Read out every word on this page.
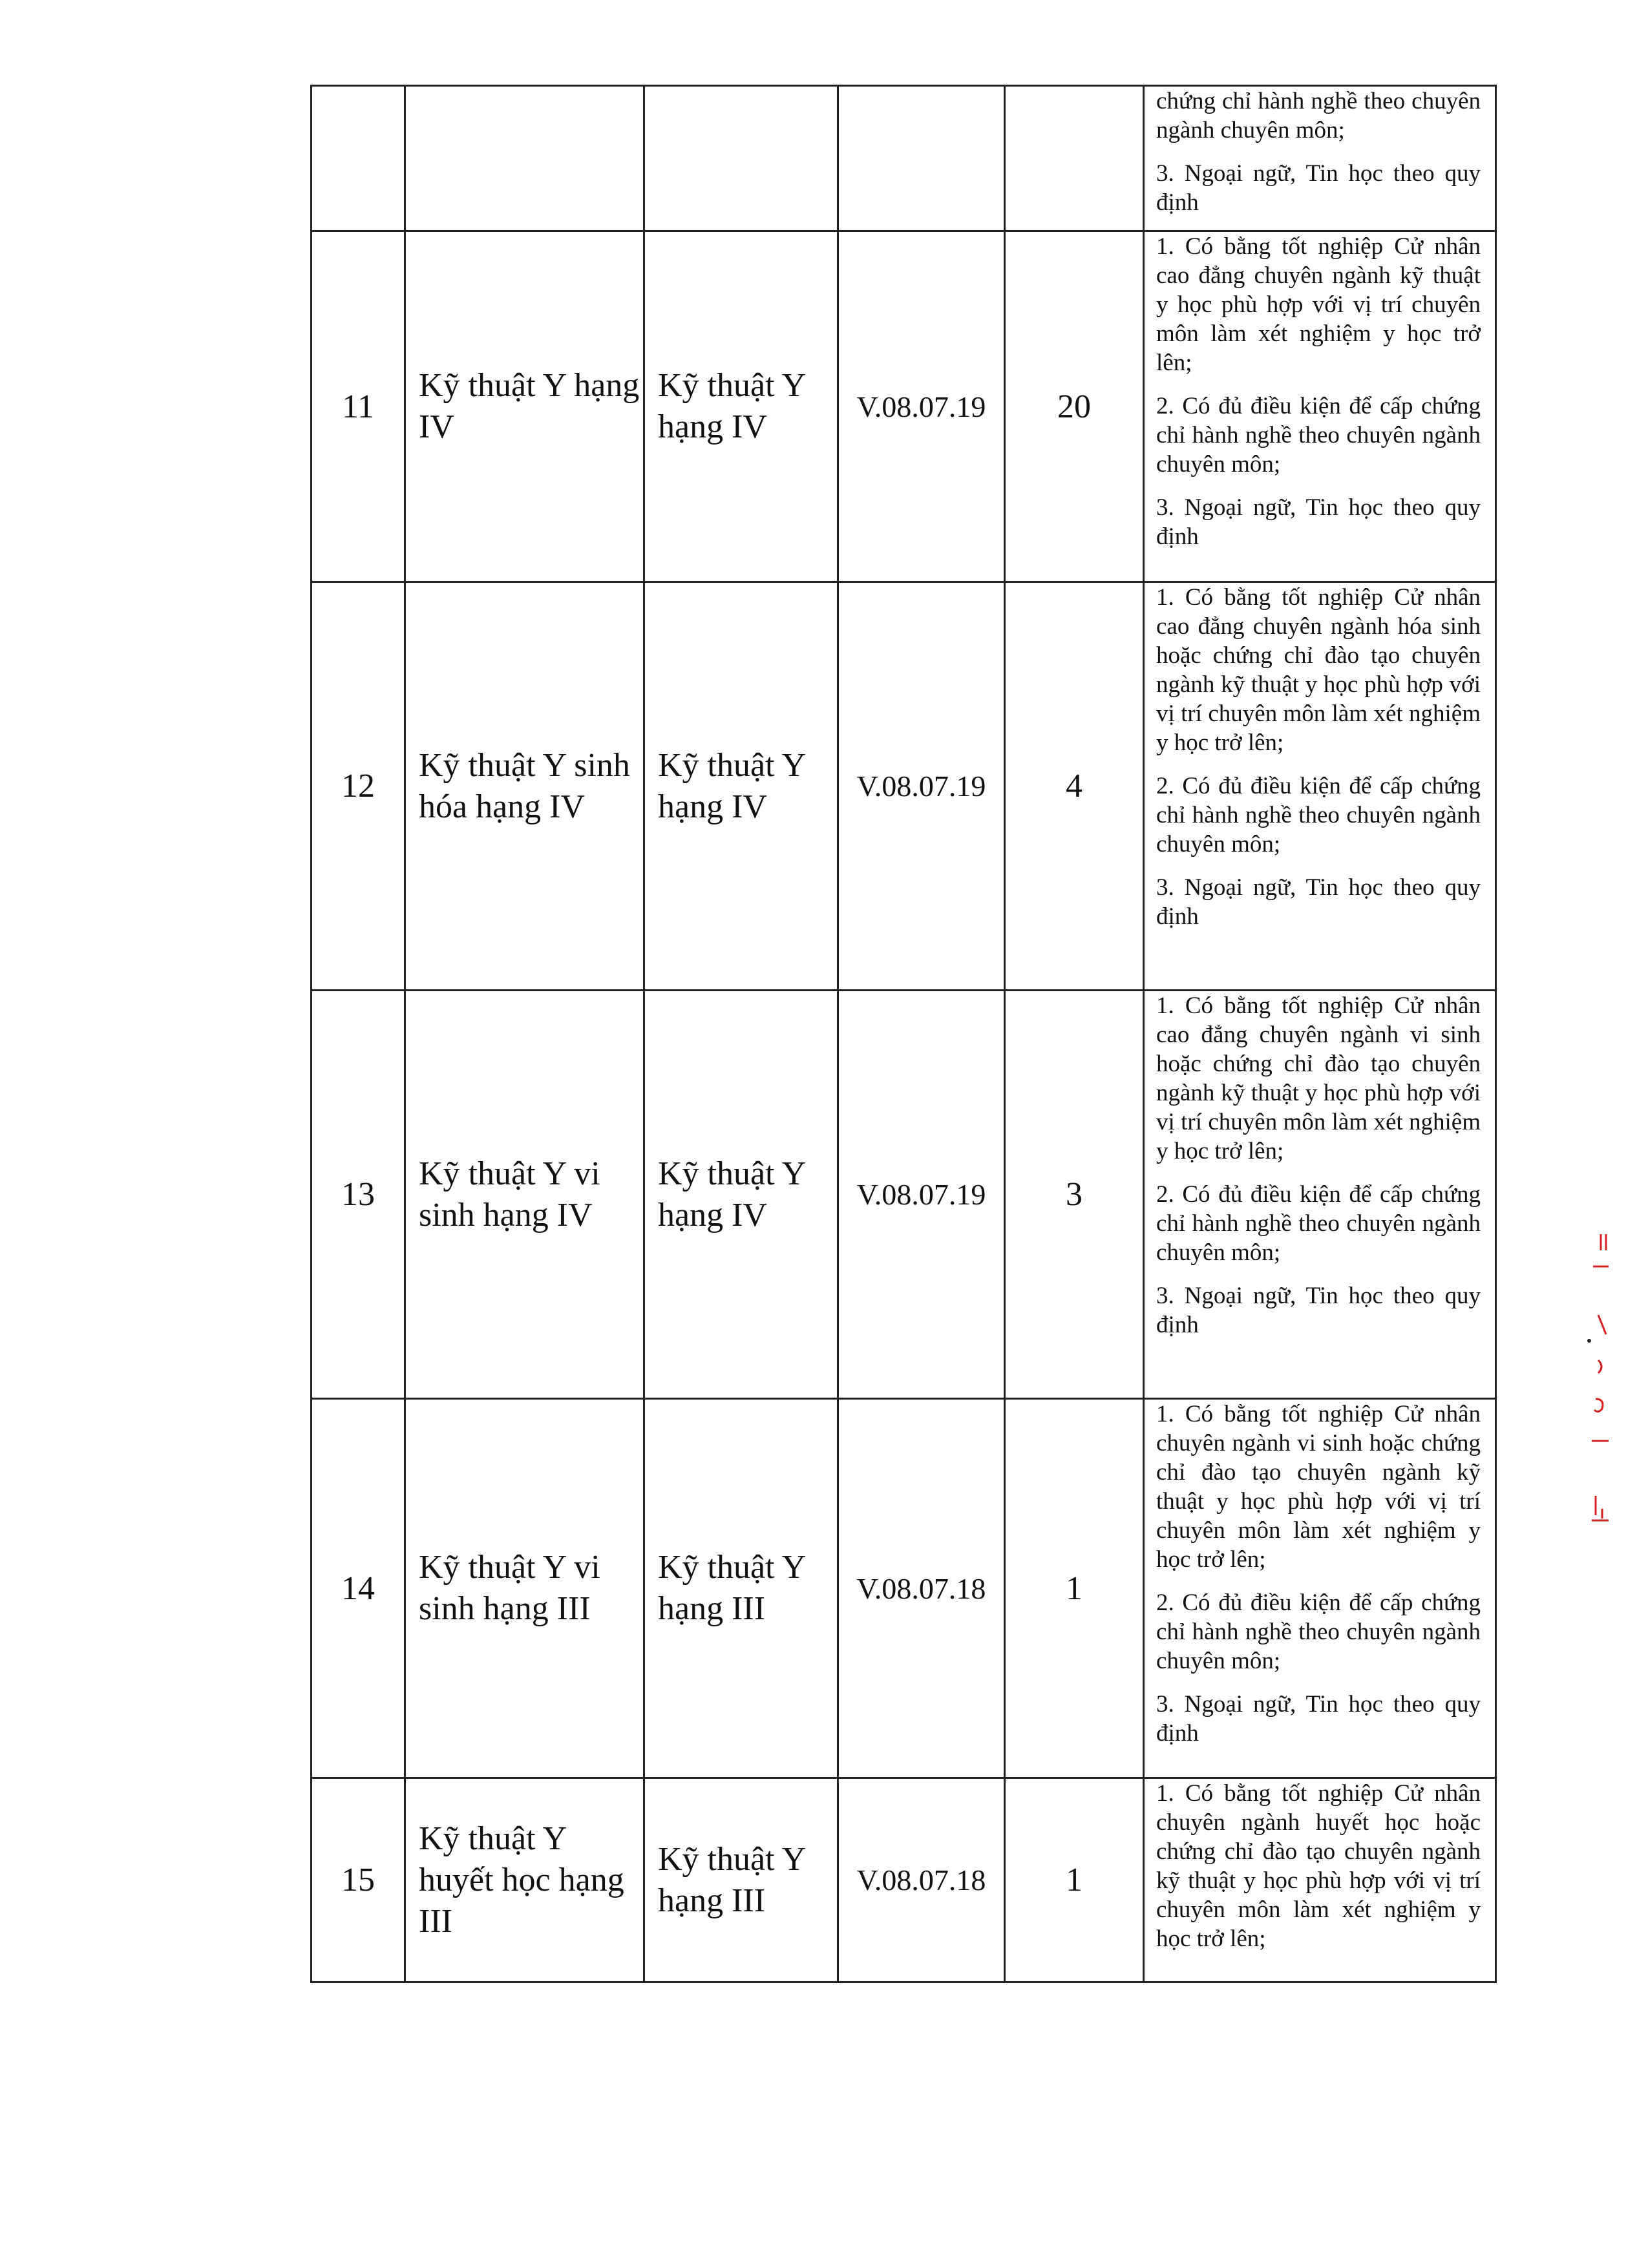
					chứng chỉ hành nghề theo chuyên ngành chuyên môn;

3. Ngoại ngữ, Tin học theo quy định

11	Kỹ thuật Y hạng IV	Kỹ thuật Y hạng IV	V.08.07.19	20	1. Có bằng tốt nghiệp Cử nhân cao đẳng chuyên ngành kỹ thuật y học phù hợp với vị trí chuyên môn làm xét nghiệm y học trở lên;

2. Có đủ điều kiện để cấp chứng chỉ hành nghề theo chuyên ngành chuyên môn;

3. Ngoại ngữ, Tin học theo quy định

12	Kỹ thuật Y sinh hóa hạng IV	Kỹ thuật Y hạng IV	V.08.07.19	4	1. Có bằng tốt nghiệp Cử nhân cao đẳng chuyên ngành hóa sinh hoặc chứng chỉ đào tạo chuyên ngành kỹ thuật y học phù hợp với vị trí chuyên môn làm xét nghiệm y học trở lên;

2. Có đủ điều kiện để cấp chứng chỉ hành nghề theo chuyên ngành chuyên môn;

3. Ngoại ngữ, Tin học theo quy định

13	Kỹ thuật Y vi sinh hạng IV	Kỹ thuật Y hạng IV	V.08.07.19	3	1. Có bằng tốt nghiệp Cử nhân cao đẳng chuyên ngành vi sinh hoặc chứng chỉ đào tạo chuyên ngành kỹ thuật y học phù hợp với vị trí chuyên môn làm xét nghiệm y học trở lên;

2. Có đủ điều kiện để cấp chứng chỉ hành nghề theo chuyên ngành chuyên môn;

3. Ngoại ngữ, Tin học theo quy định

14	Kỹ thuật Y vi sinh hạng III	Kỹ thuật Y hạng III	V.08.07.18	1	1. Có bằng tốt nghiệp Cử nhân chuyên ngành vi sinh hoặc chứng chỉ đào tạo chuyên ngành kỹ thuật y học phù hợp với vị trí chuyên môn làm xét nghiệm y học trở lên;

2. Có đủ điều kiện để cấp chứng chỉ hành nghề theo chuyên ngành chuyên môn;

3. Ngoại ngữ, Tin học theo quy định

15	Kỹ thuật Y huyết học hạng III	Kỹ thuật Y hạng III	V.08.07.18	1	1. Có bằng tốt nghiệp Cử nhân chuyên ngành huyết học hoặc chứng chỉ đào tạo chuyên ngành kỹ thuật y học phù hợp với vị trí chuyên môn làm xét nghiệm y học trở lên;
